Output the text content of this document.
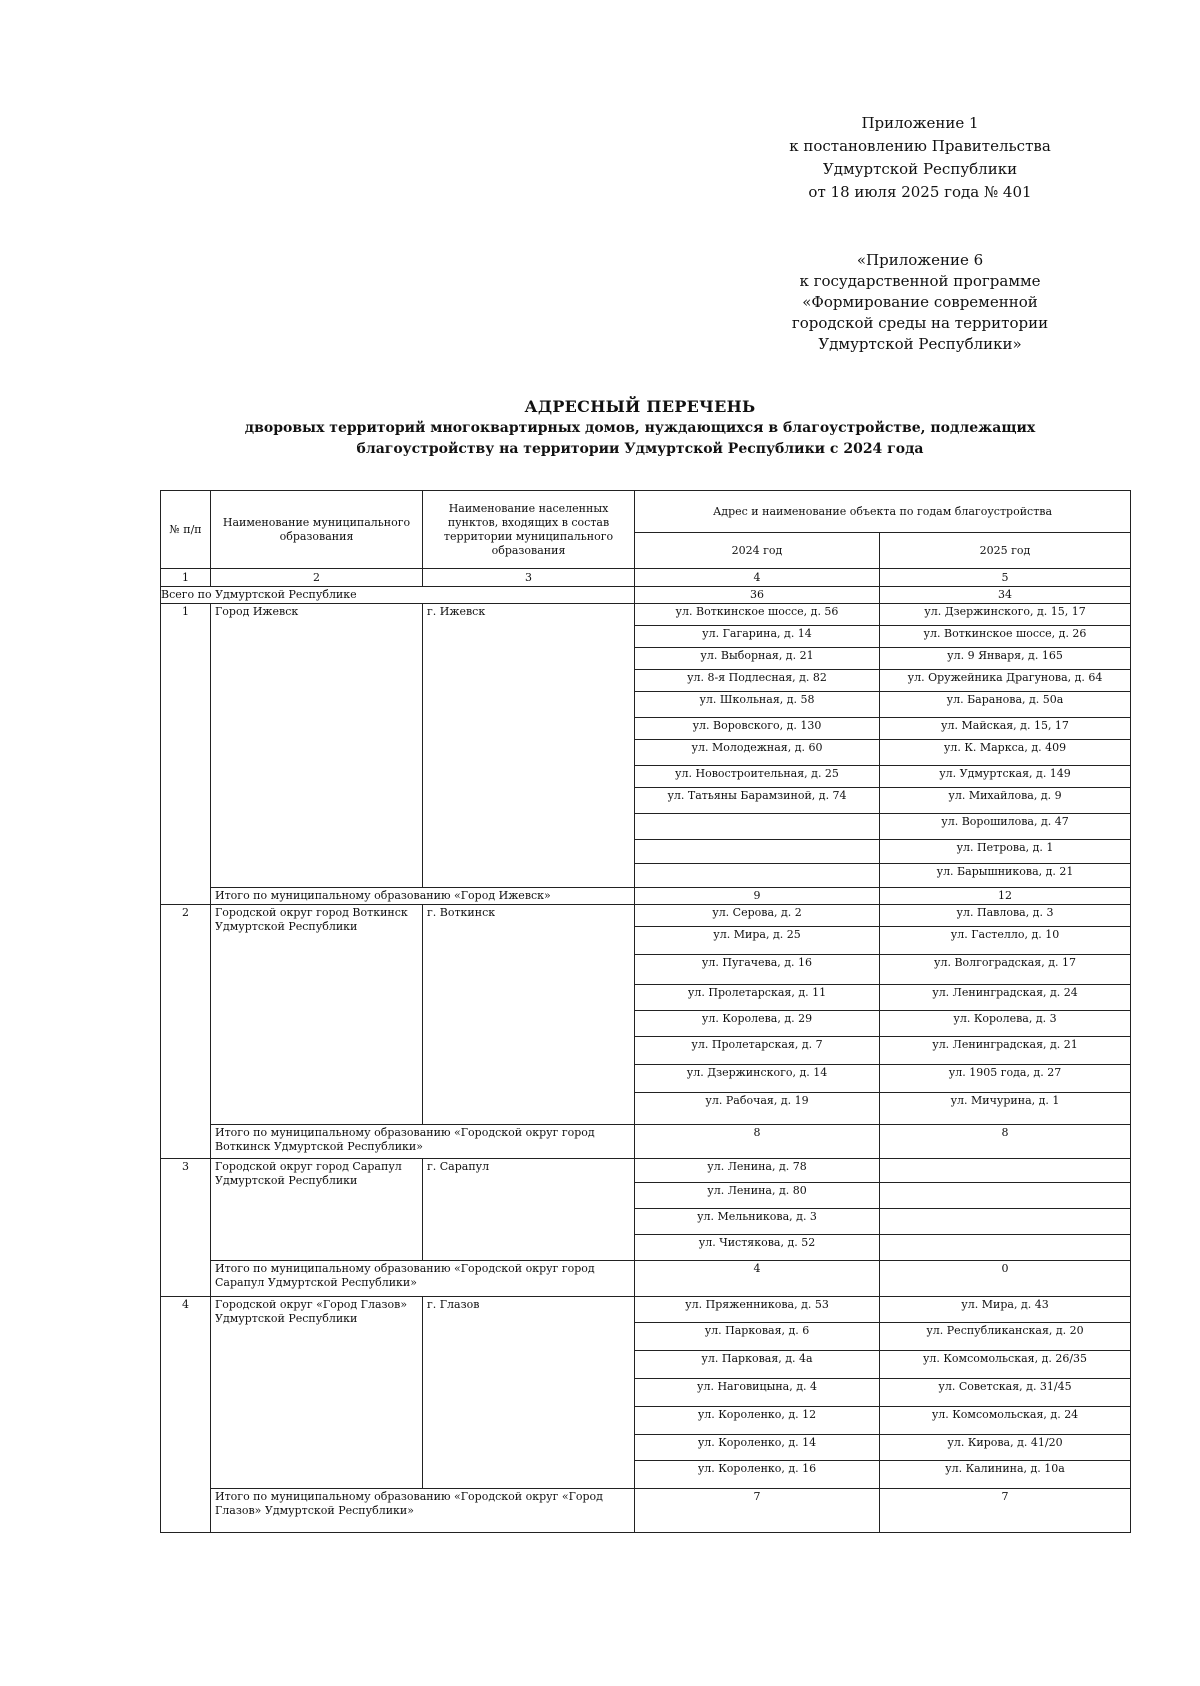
Приложение 1
к постановлению Правительства
Удмуртской Республики
от 18 июля 2025 года № 401
«Приложение 6
к государственной программе
«Формирование современной
городской среды на территории
Удмуртской Республики»
АДРЕСНЫЙ ПЕРЕЧЕНЬ
дворовых территорий многоквартирных домов, нуждающихся в благоустройстве, подлежащих
благоустройству на территории Удмуртской Республики с 2024 года
№ п/п	Наименование муниципального образования	Наименование населенных пунктов, входящих в состав территории муниципального образования	Адрес и наименование объекта по годам благоустройства	
			2024 год	2025 год
1	2	3	4	5
Всего по Удмуртской Республике			36	34
1	Город Ижевск	г. Ижевск	ул. Воткинское шоссе, д. 56	ул. Дзержинского, д. 15, 17
			ул. Гагарина, д. 14	ул. Воткинское шоссе, д. 26
			ул. Выборная, д. 21	ул. 9 Января, д. 165
			ул. 8-я Подлесная, д. 82	ул. Оружейника Драгунова, д. 64
			ул. Школьная, д. 58	ул. Баранова, д. 50а
			ул. Воровского, д. 130	ул. Майская, д. 15, 17
			ул. Молодежная, д. 60	ул. К. Маркса, д. 409
			ул. Новостроительная, д. 25	ул. Удмуртская, д. 149
			ул. Татьяны Барамзиной, д. 74	ул. Михайлова, д. 9
				ул. Ворошилова, д. 47
				ул. Петрова, д. 1
				ул. Барышникова, д. 21
	Итого по муниципальному образованию «Город Ижевск»		9	12
2	Городской округ город Воткинск Удмуртской Республики	г. Воткинск	ул. Серова, д. 2	ул. Павлова, д. 3
			ул. Мира, д. 25	ул. Гастелло, д. 10
			ул. Пугачева, д. 16	ул. Волгоградская, д. 17
			ул. Пролетарская, д. 11	ул. Ленинградская, д. 24
			ул. Королева, д. 29	ул. Королева, д. 3
			ул. Пролетарская, д. 7	ул. Ленинградская, д. 21
			ул. Дзержинского, д. 14	ул. 1905 года, д. 27
			ул. Рабочая, д. 19	ул. Мичурина, д. 1
	Итого по муниципальному образованию «Городской округ город Воткинск Удмуртской Республики»		8	8
3	Городской округ город Сарапул Удмуртской Республики	г. Сарапул	ул. Ленина, д. 78	
			ул. Ленина, д. 80	
			ул. Мельникова, д. 3	
			ул. Чистякова, д. 52	
	Итого по муниципальному образованию «Городской округ город Сарапул Удмуртской Республики»		4	0
4	Городской округ «Город Глазов» Удмуртской Республики	г. Глазов	ул. Пряженникова, д. 53	ул. Мира, д. 43
			ул. Парковая, д. 6	ул. Республиканская, д. 20
			ул. Парковая, д. 4а	ул. Комсомольская, д. 26/35
			ул. Наговицына, д. 4	ул. Советская, д. 31/45
			ул. Короленко, д. 12	ул. Комсомольская, д. 24
			ул. Короленко, д. 14	ул. Кирова, д. 41/20
			ул. Короленко, д. 16	ул. Калинина, д. 10а
	Итого по муниципальному образованию «Городской округ «Город Глазов» Удмуртской Республики»		7	7
